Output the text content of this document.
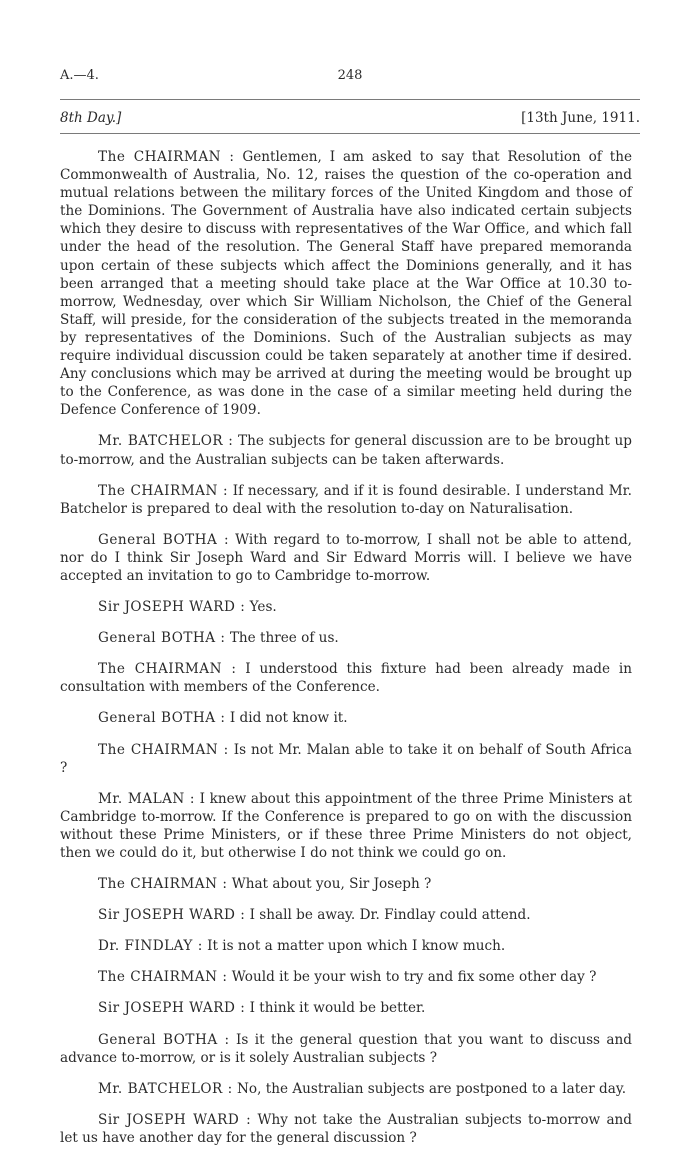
A.—4.	248
8th Day.]	[13th June, 1911.

The CHAIRMAN : Gentlemen, I am asked to say that Resolution of the Commonwealth of Australia, No. 12, raises the question of the co-operation and mutual relations between the military forces of the United Kingdom and those of the Dominions. The Government of Australia have also indicated certain subjects which they desire to discuss with representatives of the War Office, and which fall under the head of the resolution. The General Staff have prepared memoranda upon certain of these subjects which affect the Dominions generally, and it has been arranged that a meeting should take place at the War Office at 10.30 to-morrow, Wednesday, over which Sir William Nicholson, the Chief of the General Staff, will preside, for the consideration of the subjects treated in the memoranda by representatives of the Dominions. Such of the Australian subjects as may require individual discussion could be taken separately at another time if desired. Any conclusions which may be arrived at during the meeting would be brought up to the Conference, as was done in the case of a similar meeting held during the Defence Conference of 1909.

Mr. BATCHELOR : The subjects for general discussion are to be brought up to-morrow, and the Australian subjects can be taken afterwards.

The CHAIRMAN : If necessary, and if it is found desirable. I understand Mr. Batchelor is prepared to deal with the resolution to-day on Naturalisation.

General BOTHA : With regard to to-morrow, I shall not be able to attend, nor do I think Sir Joseph Ward and Sir Edward Morris will. I believe we have accepted an invitation to go to Cambridge to-morrow.

Sir JOSEPH WARD : Yes.

General BOTHA : The three of us.

The CHAIRMAN : I understood this fixture had been already made in consultation with members of the Conference.

General BOTHA : I did not know it.

The CHAIRMAN : Is not Mr. Malan able to take it on behalf of South Africa ?

Mr. MALAN : I knew about this appointment of the three Prime Ministers at Cambridge to-morrow. If the Conference is prepared to go on with the discussion without these Prime Ministers, or if these three Prime Ministers do not object, then we could do it, but otherwise I do not think we could go on.

The CHAIRMAN : What about you, Sir Joseph ?

Sir JOSEPH WARD : I shall be away. Dr. Findlay could attend.

Dr. FINDLAY : It is not a matter upon which I know much.

The CHAIRMAN : Would it be your wish to try and fix some other day ?

Sir JOSEPH WARD : I think it would be better.

General BOTHA : Is it the general question that you want to discuss and advance to-morrow, or is it solely Australian subjects ?

Mr. BATCHELOR : No, the Australian subjects are postponed to a later day.

Sir JOSEPH WARD : Why not take the Australian subjects to-morrow and let us have another day for the general discussion ?
